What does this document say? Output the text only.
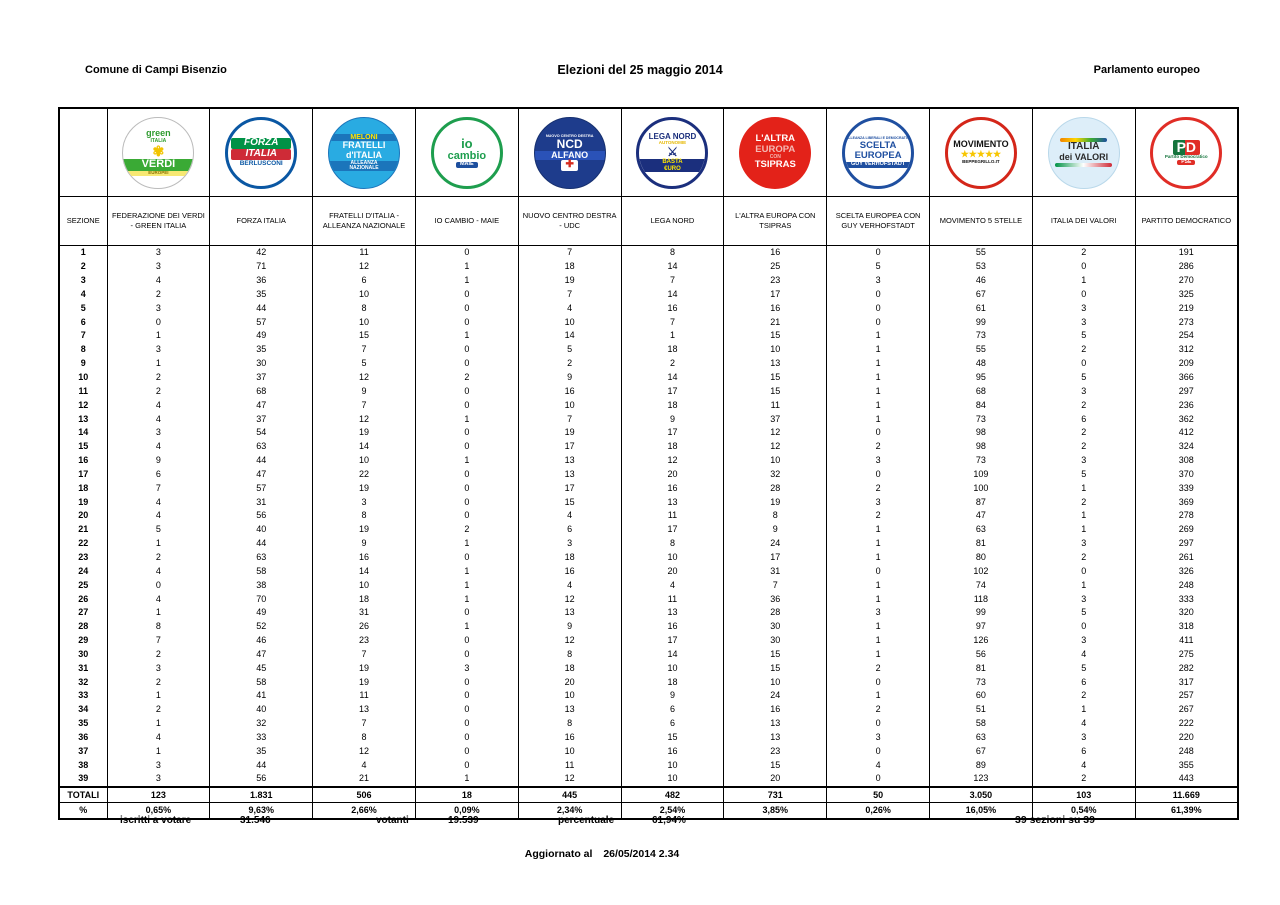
Comune di Campi Bisenzio	Elezioni del 25 maggio 2014	Parlamento europeo

green
ITALIA
✾
VERDI
EUROPEI

FORZA
ITALIA
BERLUSCONI

MELONI
FRATELLI
d'ITALIA
ALLEANZA
NAZIONALE

io
cambio
MAIE

NUOVO CENTRO DESTRA
NCD
ALFANO
✚

LEGA NORD
AUTONOMIE
⚔
BASTA
€URO

L'ALTRA
EUROPA
CON
TSIPRAS

ALLEANZA LIBERALI E DEMOCRATICI
SCELTA
EUROPEA
GUY VERHOFSTADT

MOVIMENTO
★★★★★
BEPPEGRILLO.IT

ITALIA
dei VALORI

PD
Partito Democratico
PSE

SEZIONE	FEDERAZIONE DEI VERDI - GREEN ITALIA	FORZA ITALIA	FRATELLI D'ITALIA - ALLEANZA NAZIONALE	IO CAMBIO - MAIE	NUOVO CENTRO DESTRA - UDC	LEGA NORD	L'ALTRA EUROPA CON TSIPRAS	SCELTA EUROPEA CON GUY VERHOFSTADT	MOVIMENTO 5 STELLE	ITALIA DEI VALORI	PARTITO DEMOCRATICO
1	3	42	11	0	7	8	16	0	55	2	191
2	3	71	12	1	18	14	25	5	53	0	286
3	4	36	6	1	19	7	23	3	46	1	270
4	2	35	10	0	7	14	17	0	67	0	325
5	3	44	8	0	4	16	16	0	61	3	219
6	0	57	10	0	10	7	21	0	99	3	273
7	1	49	15	1	14	1	15	1	73	5	254
8	3	35	7	0	5	18	10	1	55	2	312
9	1	30	5	0	2	2	13	1	48	0	209
10	2	37	12	2	9	14	15	1	95	5	366
11	2	68	9	0	16	17	15	1	68	3	297
12	4	47	7	0	10	18	11	1	84	2	236
13	4	37	12	1	7	9	37	1	73	6	362
14	3	54	19	0	19	17	12	0	98	2	412
15	4	63	14	0	17	18	12	2	98	2	324
16	9	44	10	1	13	12	10	3	73	3	308
17	6	47	22	0	13	20	32	0	109	5	370
18	7	57	19	0	17	16	28	2	100	1	339
19	4	31	3	0	15	13	19	3	87	2	369
20	4	56	8	0	4	11	8	2	47	1	278
21	5	40	19	2	6	17	9	1	63	1	269
22	1	44	9	1	3	8	24	1	81	3	297
23	2	63	16	0	18	10	17	1	80	2	261
24	4	58	14	1	16	20	31	0	102	0	326
25	0	38	10	1	4	4	7	1	74	1	248
26	4	70	18	1	12	11	36	1	118	3	333
27	1	49	31	0	13	13	28	3	99	5	320
28	8	52	26	1	9	16	30	1	97	0	318
29	7	46	23	0	12	17	30	1	126	3	411
30	2	47	7	0	8	14	15	1	56	4	275
31	3	45	19	3	18	10	15	2	81	5	282
32	2	58	19	0	20	18	10	0	73	6	317
33	1	41	11	0	10	9	24	1	60	2	257
34	2	40	13	0	13	6	16	2	51	1	267
35	1	32	7	0	8	6	13	0	58	4	222
36	4	33	8	0	16	15	13	3	63	3	220
37	1	35	12	0	10	16	23	0	67	6	248
38	3	44	4	0	11	10	15	4	89	4	355
39	3	56	21	1	12	10	20	0	123	2	443
TOTALI	123	1.831	506	18	445	482	731	50	3.050	103	11.669
%	0,65%	9,63%	2,66%	0,09%	2,34%	2,54%	3,85%	0,26%	16,05%	0,54%	61,39%
iscritti a votare	31.546	votanti	19.539	percentuale	61,94%	39 sezioni su 39
Aggiornato al 26/05/2014 2.34
